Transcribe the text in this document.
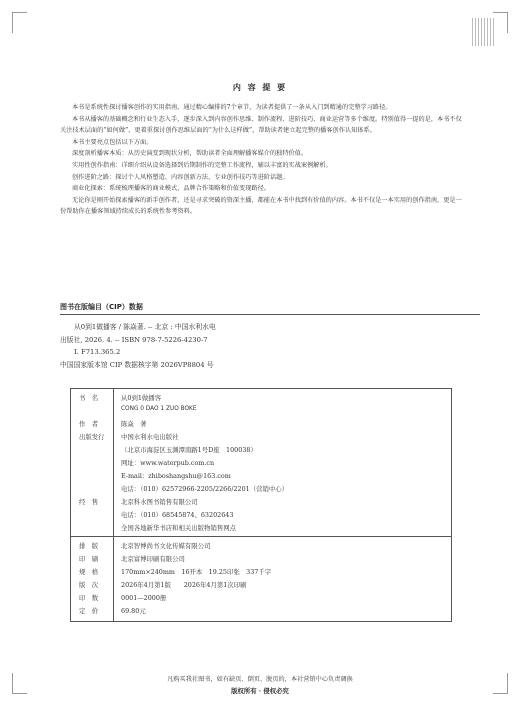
内 容 提 要

本书是系统性探讨播客创作的实用指南，通过精心编排的7个章节，为读者提供了一条从入门到精通的完整学习路径。

本书从播客的基础概念和行业生态入手，逐步深入到内容创作思维、制作流程、进阶技巧、商业运营等多个维度。特别值得一提的是，本书不仅关注技术层面的“如何做”，更着重探讨创作思维层面的“为什么这样做”，帮助读者建立起完整的播客创作认知体系。

本书主要亮点包括以下方面。

深度剖析播客本质：从历史演变到现状分析，帮助读者全面理解播客媒介的独特价值。

实用性创作指南：详细介绍从设备选择到后期制作的完整工作流程，辅以丰富的实战案例解析。

创作进阶之路：探讨个人风格塑造、内容创新方法、专业创作技巧等进阶话题。

商业化探索：系统梳理播客的商业模式、品牌合作策略和价值变现路径。

无论你是刚开始探索播客的新手创作者，还是寻求突破的资深主播，都能在本书中找到有价值的内容。本书不仅是一本实用的创作指南，更是一份帮助你在播客领域持续成长的系统性参考资料。

图书在版编目（CIP）数据

从0到1做播客 / 陈焱著. -- 北京 : 中国水利水电

出版社, 2026. 4. -- ISBN 978-7-5226-4230-7

Ⅰ. F713.365.2

中国国家版本馆 CIP 数据核字第 2026VP8804 号

书　名	从0到1做播客
CONG 0 DAO 1 ZUO BOKE
作　者	陈焱　著
出版发行	中国水利水电出版社
（北京市海淀区玉渊潭南路1号D座　100038）
网址：www.waterpub.com.cn
E-mail：zhiboshangshu@163.com
电话：（010）62572966-2205/2266/2201（营销中心）
经　售	北京科水图书销售有限公司
电话：（010）68545874、63202643
全国各地新华书店和相关出版物销售网点
排　版	北京智博尚书文化传媒有限公司
印　刷	北京富博印刷有限公司
规　格	170mm×240mm　16开本　19.25印张　337千字
版　次	2026年4月第1版　　2026年4月第1次印刷
印　数	0001—2000册
定　价	69.80元
凡购买我社图书，如有缺页、倒页、脱页的，本社营销中心负责调换
版权所有 · 侵权必究
